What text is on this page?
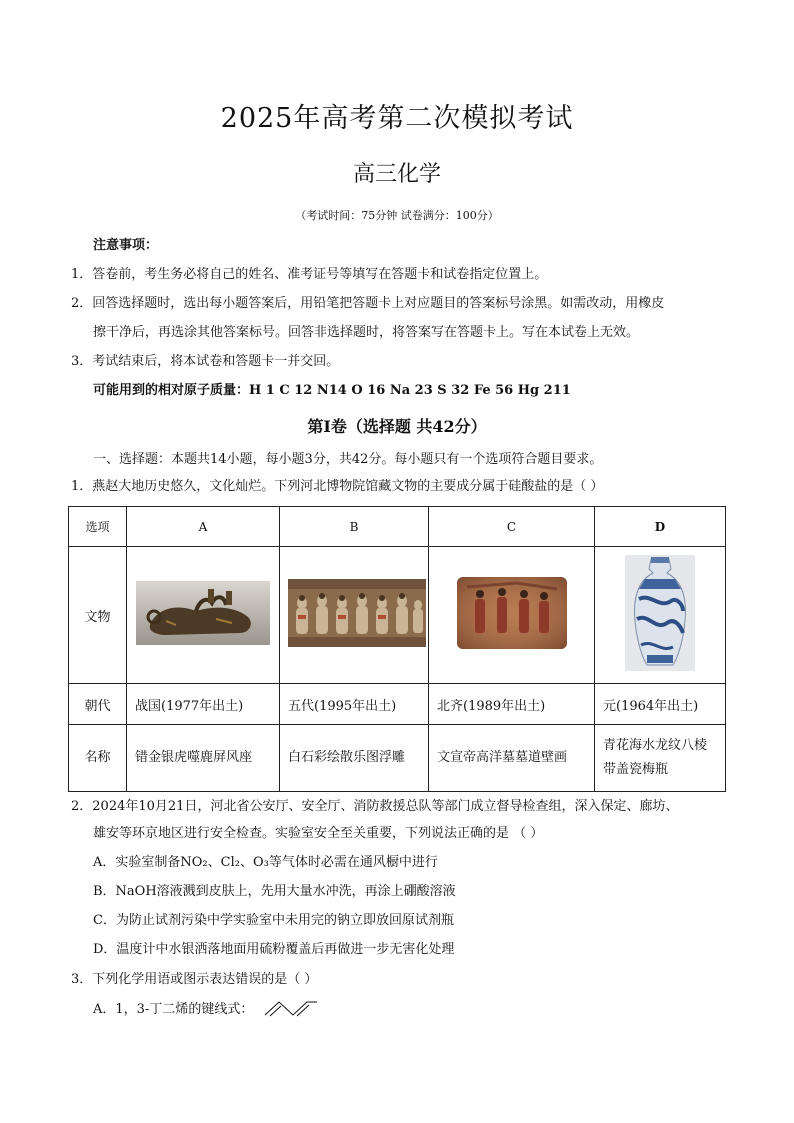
2025年高考第二次模拟考试
高三化学
（考试时间：75分钟 试卷满分：100分）
注意事项：
1．答卷前，考生务必将自己的姓名、准考证号等填写在答题卡和试卷指定位置上。
2．回答选择题时，选出每小题答案后，用铅笔把答题卡上对应题目的答案标号涂黑。如需改动，用橡皮
擦干净后，再选涂其他答案标号。回答非选择题时，将答案写在答题卡上。写在本试卷上无效。
3．考试结束后，将本试卷和答题卡一并交回。
可能用到的相对原子质量：H 1 C 12 N14 O 16 Na 23 S 32 Fe 56 Hg 211
第Ⅰ卷（选择题 共42分）
一、选择题：本题共14小题，每小题3分，共42分。每小题只有一个选项符合题目要求。
1．燕赵大地历史悠久，文化灿烂。下列河北博物院馆藏文物的主要成分属于硅酸盐的是（ ）
选项	A	B	C	D
文物				
朝代	战国(1977年出土)	五代(1995年出土)	北齐(1989年出土)	元(1964年出土)
名称	错金银虎噬鹿屏风座	白石彩绘散乐图浮雕	文宣帝高洋墓墓道壁画	青花海水龙纹八棱带盖瓷梅瓶
2．2024年10月21日，河北省公安厅、安全厅、消防救援总队等部门成立督导检查组，深入保定、廊坊、
雄安等环京地区进行安全检查。实验室安全至关重要，下列说法正确的是 （ ）
A．实验室制备NO₂、Cl₂、O₃等气体时必需在通风橱中进行
B．NaOH溶液溅到皮肤上，先用大量水冲洗，再涂上硼酸溶液
C．为防止试剂污染中学实验室中未用完的钠立即放回原试剂瓶
D．温度计中水银洒落地面用硫粉覆盖后再做进一步无害化处理
3．下列化学用语或图示表达错误的是（ ）
A．1，3-丁二烯的键线式：
